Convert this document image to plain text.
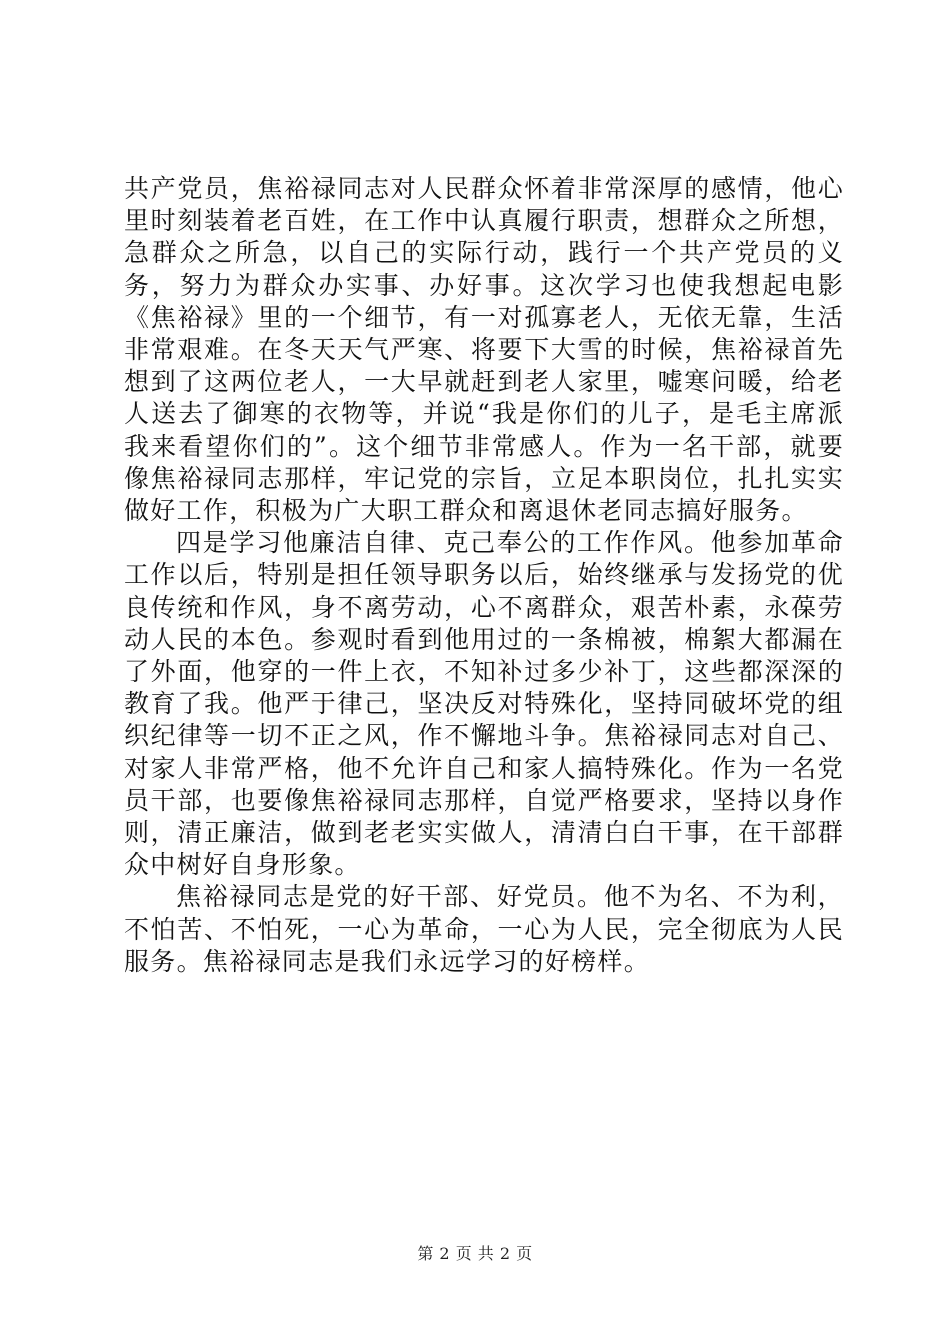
共产党员，焦裕禄同志对人民群众怀着非常深厚的感情，他心里时刻装着老百姓，在工作中认真履行职责，想群众之所想，急群众之所急，以自己的实际行动，践行一个共产党员的义务，努力为群众办实事、办好事。这次学习也使我想起电影《焦裕禄》里的一个细节，有一对孤寡老人，无依无靠，生活非常艰难。在冬天天气严寒、将要下大雪的时候，焦裕禄首先想到了这两位老人，一大早就赶到老人家里，嘘寒问暖，给老人送去了御寒的衣物等，并说“我是你们的儿子，是毛主席派我来看望你们的”。这个细节非常感人。作为一名干部，就要像焦裕禄同志那样，牢记党的宗旨，立足本职岗位，扎扎实实做好工作，积极为广大职工群众和离退休老同志搞好服务。

四是学习他廉洁自律、克己奉公的工作作风。他参加革命工作以后，特别是担任领导职务以后，始终继承与发扬党的优良传统和作风，身不离劳动，心不离群众，艰苦朴素，永葆劳动人民的本色。参观时看到他用过的一条棉被，棉絮大都漏在了外面，他穿的一件上衣，不知补过多少补丁，这些都深深的教育了我。他严于律己，坚决反对特殊化，坚持同破坏党的组织纪律等一切不正之风，作不懈地斗争。焦裕禄同志对自己、对家人非常严格，他不允许自己和家人搞特殊化。作为一名党员干部，也要像焦裕禄同志那样，自觉严格要求，坚持以身作则，清正廉洁，做到老老实实做人，清清白白干事，在干部群众中树好自身形象。

焦裕禄同志是党的好干部、好党员。他不为名、不为利，不怕苦、不怕死，一心为革命，一心为人民，完全彻底为人民服务。焦裕禄同志是我们永远学习的好榜样。

第 2 页 共 2 页
